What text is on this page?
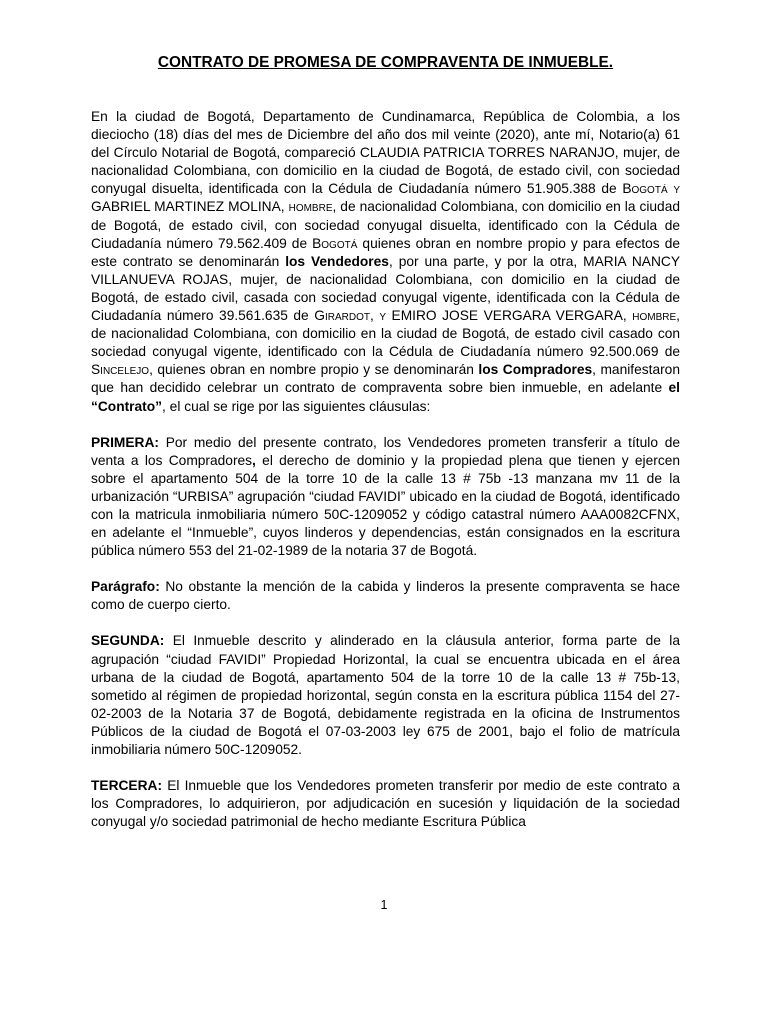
CONTRATO DE PROMESA DE COMPRAVENTA DE INMUEBLE.

En la ciudad de Bogotá, Departamento de Cundinamarca, República de Colombia, a los dieciocho (18) días del mes de Diciembre del año dos mil veinte (2020), ante mí, Notario(a) 61 del Círculo Notarial de Bogotá, compareció CLAUDIA PATRICIA TORRES NARANJO, mujer, de nacionalidad Colombiana, con domicilio en la ciudad de Bogotá, de estado civil, con sociedad conyugal disuelta, identificada con la Cédula de Ciudadanía número 51.905.388 de Bogotá y GABRIEL MARTINEZ MOLINA, hombre, de nacionalidad Colombiana, con domicilio en la ciudad de Bogotá, de estado civil, con sociedad conyugal disuelta, identificado con la Cédula de Ciudadanía número 79.562.409 de Bogotá quienes obran en nombre propio y para efectos de este contrato se denominarán los Vendedores, por una parte, y por la otra, MARIA NANCY VILLANUEVA ROJAS, mujer, de nacionalidad Colombiana, con domicilio en la ciudad de Bogotá, de estado civil, casada con sociedad conyugal vigente, identificada con la Cédula de Ciudadanía número 39.561.635 de Girardot, y EMIRO JOSE VERGARA VERGARA, hombre, de nacionalidad Colombiana, con domicilio en la ciudad de Bogotá, de estado civil casado con sociedad conyugal vigente, identificado con la Cédula de Ciudadanía número 92.500.069 de Sincelejo, quienes obran en nombre propio y se denominarán los Compradores, manifestaron que han decidido celebrar un contrato de compraventa sobre bien inmueble, en adelante el “Contrato”, el cual se rige por las siguientes cláusulas:

PRIMERA: Por medio del presente contrato, los Vendedores prometen transferir a título de venta a los Compradores, el derecho de dominio y la propiedad plena que tienen y ejercen sobre el apartamento 504 de la torre 10 de la calle 13 # 75b -13 manzana mv 11 de la urbanización “URBISA” agrupación “ciudad FAVIDI” ubicado en la ciudad de Bogotá, identificado con la matricula inmobiliaria número 50C-1209052 y código catastral número AAA0082CFNX, en adelante el “Inmueble”, cuyos linderos y dependencias, están consignados en la escritura pública número 553 del 21-02-1989 de la notaria 37 de Bogotá.

Parágrafo: No obstante la mención de la cabida y linderos la presente compraventa se hace como de cuerpo cierto.

SEGUNDA: El Inmueble descrito y alinderado en la cláusula anterior, forma parte de la agrupación “ciudad FAVIDI” Propiedad Horizontal, la cual se encuentra ubicada en el área urbana de la ciudad de Bogotá, apartamento 504 de la torre 10 de la calle 13 # 75b-13, sometido al régimen de propiedad horizontal, según consta en la escritura pública 1154 del 27-02-2003 de la Notaria 37 de Bogotá, debidamente registrada en la oficina de Instrumentos Públicos de la ciudad de Bogotá el 07-03-2003 ley 675 de 2001, bajo el folio de matrícula inmobiliaria número 50C-1209052.

TERCERA: El Inmueble que los Vendedores prometen transferir por medio de este contrato a los Compradores, lo adquirieron, por adjudicación en sucesión y liquidación de la sociedad conyugal y/o sociedad patrimonial de hecho mediante Escritura Pública

1
